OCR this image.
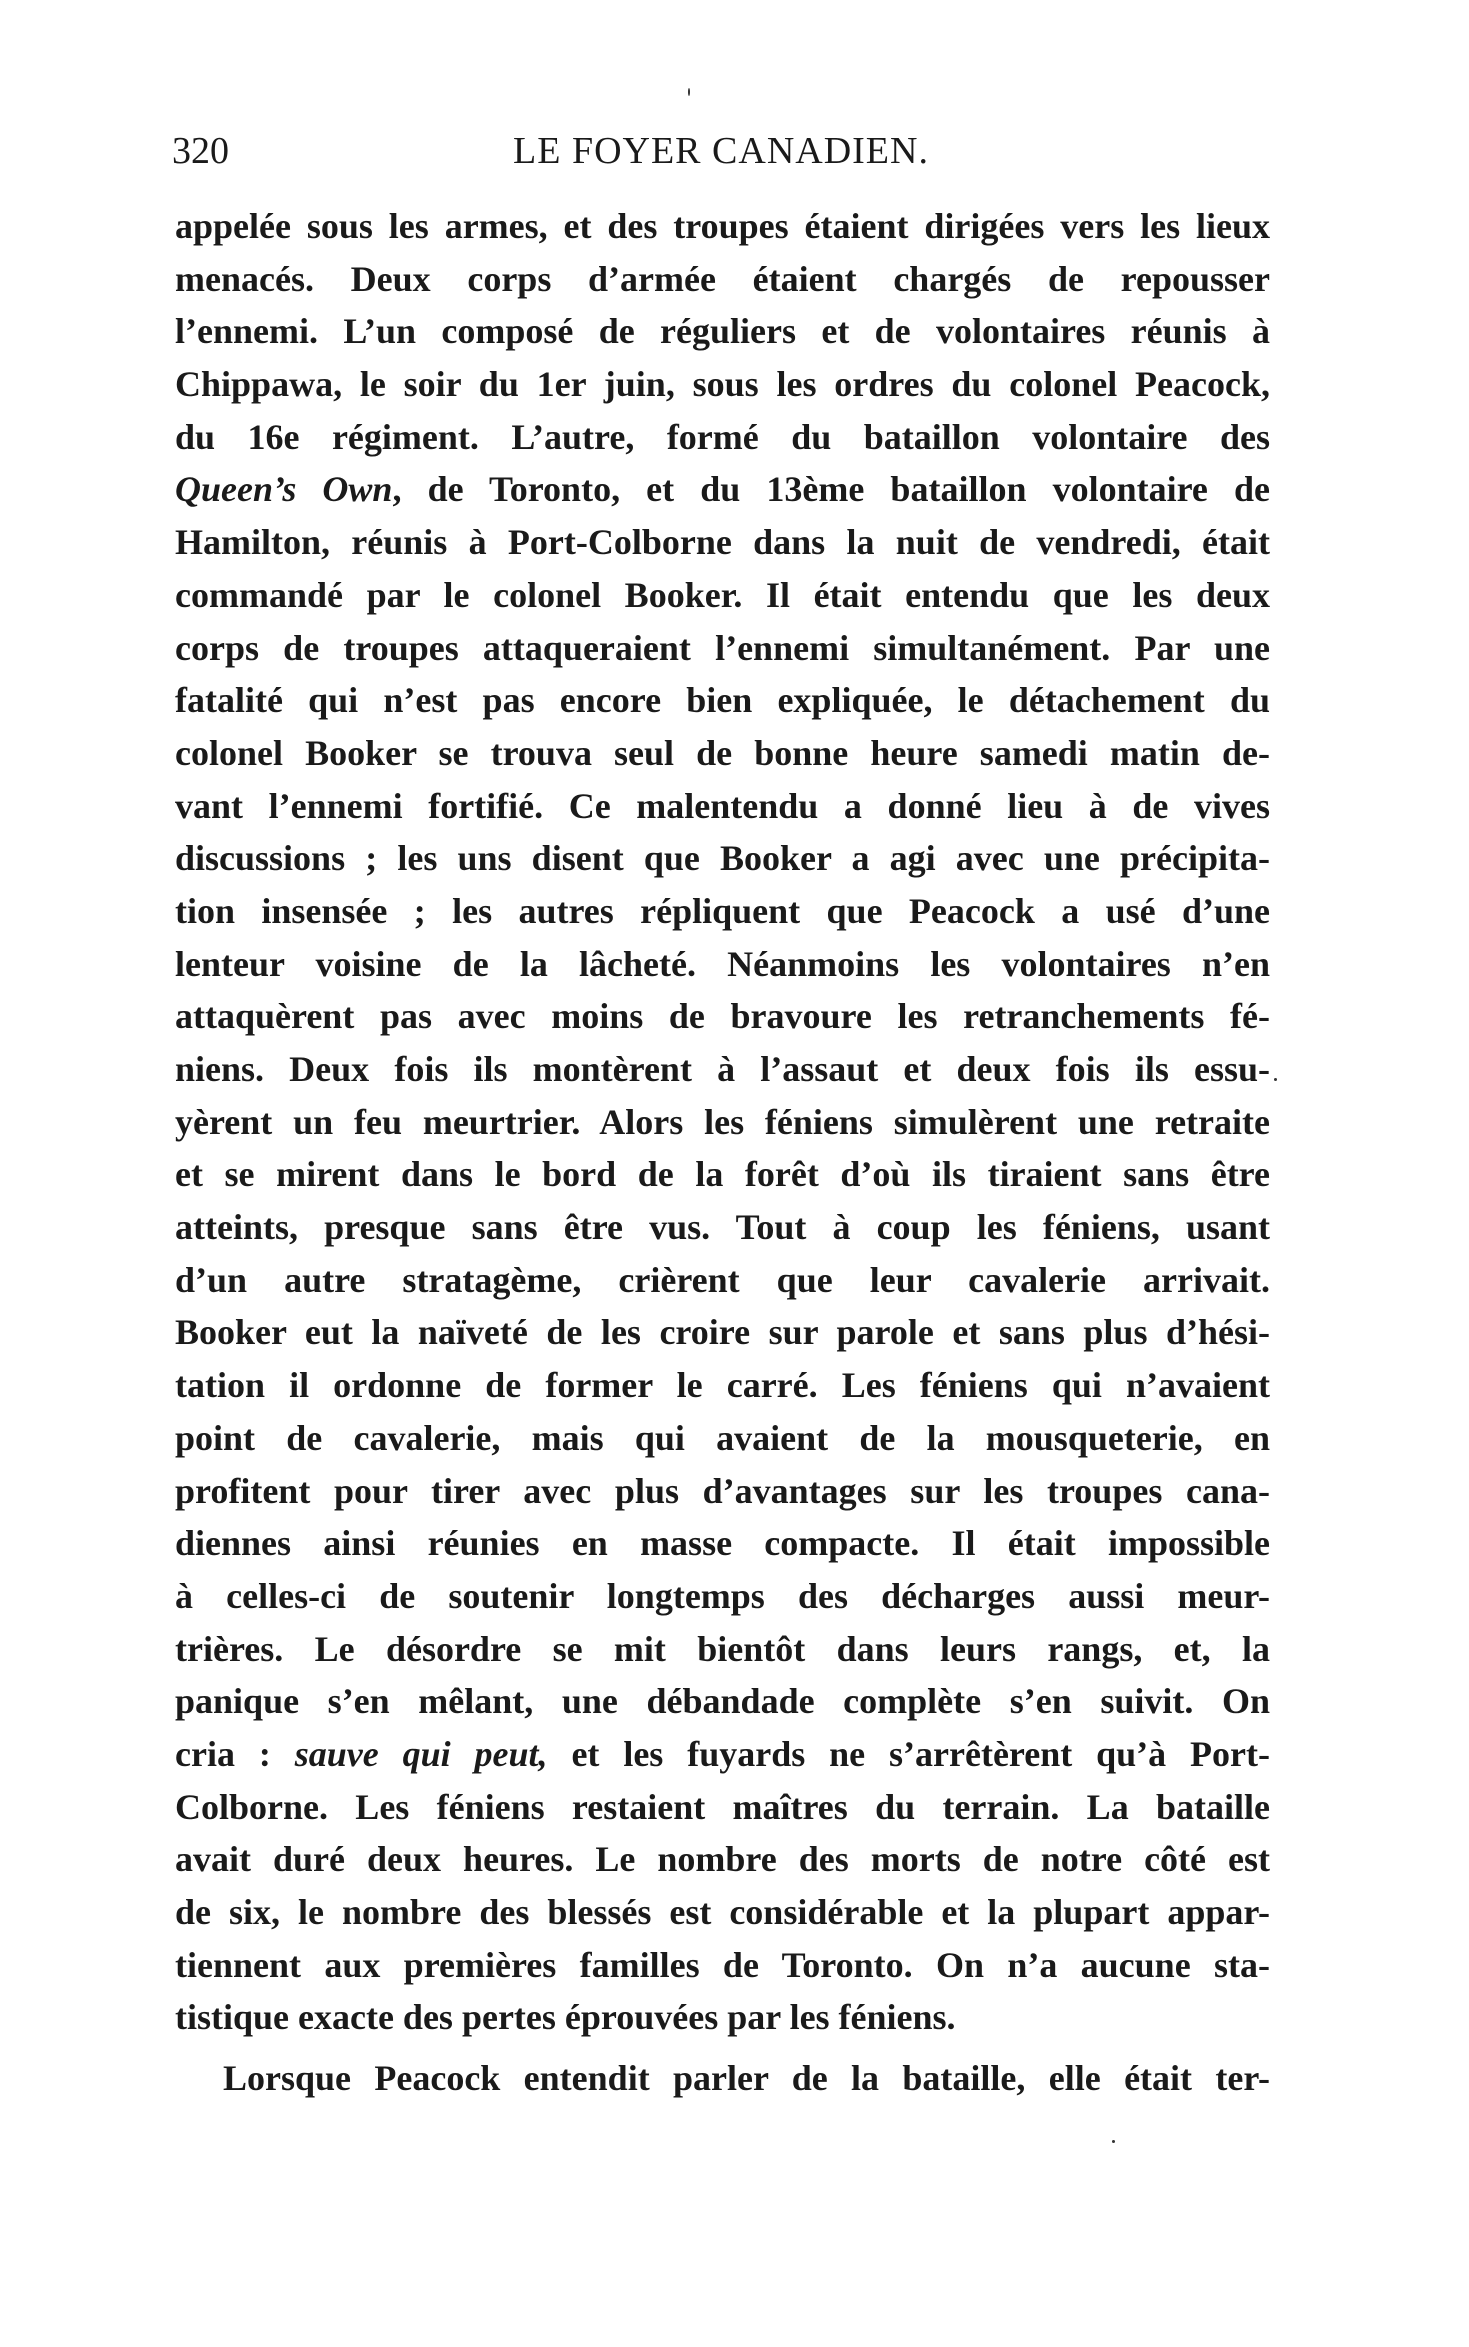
320	LE FOYER CANADIEN.
appelée sous les armes, et des troupes étaient dirigées vers les lieux
menacés. Deux corps d’armée étaient chargés de repousser
l’ennemi. L’un composé de réguliers et de volontaires réunis à
Chippawa, le soir du 1er juin, sous les ordres du colonel Peacock,
du 16e régiment. L’autre, formé du bataillon volontaire des
Queen’s Own, de Toronto, et du 13ème bataillon volontaire de
Hamilton, réunis à Port-Colborne dans la nuit de vendredi, était
commandé par le colonel Booker. Il était entendu que les deux
corps de troupes attaqueraient l’ennemi simultanément. Par une
fatalité qui n’est pas encore bien expliquée, le détachement du
colonel Booker se trouva seul de bonne heure samedi matin de-
vant l’ennemi fortifié. Ce malentendu a donné lieu à de vives
discussions ; les uns disent que Booker a agi avec une précipita-
tion insensée ; les autres répliquent que Peacock a usé d’une
lenteur voisine de la lâcheté. Néanmoins les volontaires n’en
attaquèrent pas avec moins de bravoure les retranchements fé-
niens. Deux fois ils montèrent à l’assaut et deux fois ils essu-
yèrent un feu meurtrier. Alors les féniens simulèrent une retraite
et se mirent dans le bord de la forêt d’où ils tiraient sans être
atteints, presque sans être vus. Tout à coup les féniens, usant
d’un autre stratagème, crièrent que leur cavalerie arrivait.
Booker eut la naïveté de les croire sur parole et sans plus d’hési-
tation il ordonne de former le carré. Les féniens qui n’avaient
point de cavalerie, mais qui avaient de la mousqueterie, en
profitent pour tirer avec plus d’avantages sur les troupes cana-
diennes ainsi réunies en masse compacte. Il était impossible
à celles-ci de soutenir longtemps des décharges aussi meur-
trières. Le désordre se mit bientôt dans leurs rangs, et, la
panique s’en mêlant, une débandade complète s’en suivit. On
cria : sauve qui peut, et les fuyards ne s’arrêtèrent qu’à Port-
Colborne. Les féniens restaient maîtres du terrain. La bataille
avait duré deux heures. Le nombre des morts de notre côté est
de six, le nombre des blessés est considérable et la plupart appar-
tiennent aux premières familles de Toronto. On n’a aucune sta-
tistique exacte des pertes éprouvées par les féniens.
Lorsque Peacock entendit parler de la bataille, elle était ter-
